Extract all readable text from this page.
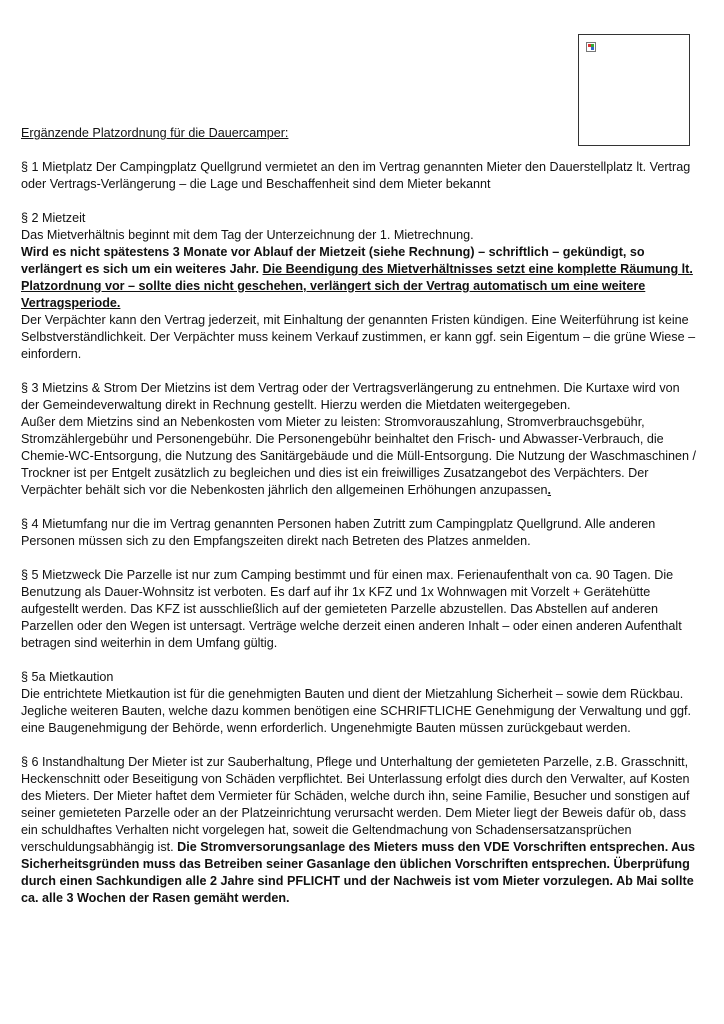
Ergänzende Platzordnung für die Dauercamper:

§ 1 Mietplatz Der Campingplatz Quellgrund vermietet an den im Vertrag genannten Mieter den Dauerstellplatz lt. Vertrag oder Vertrags-Verlängerung – die Lage und Beschaffenheit sind dem Mieter bekannt

§ 2 Mietzeit

Das Mietverhältnis beginnt mit dem Tag der Unterzeichnung der 1. Mietrechnung.

Wird es nicht spätestens 3 Monate vor Ablauf der Mietzeit (siehe Rechnung) – schriftlich – gekündigt, so verlängert es sich um ein weiteres Jahr. Die Beendigung des Mietverhältnisses setzt eine komplette Räumung lt. Platzordnung vor – sollte dies nicht geschehen, verlängert sich der Vertrag automatisch um eine weitere Vertragsperiode.

Der Verpächter kann den Vertrag jederzeit, mit Einhaltung der genannten Fristen kündigen. Eine Weiterführung ist keine Selbstverständlichkeit. Der Verpächter muss keinem Verkauf zustimmen, er kann ggf. sein Eigentum – die grüne Wiese – einfordern.

§ 3 Mietzins & Strom Der Mietzins ist dem Vertrag oder der Vertragsverlängerung zu entnehmen. Die Kurtaxe wird von der Gemeindeverwaltung direkt in Rechnung gestellt. Hierzu werden die Mietdaten weitergegeben.

Außer dem Mietzins sind an Nebenkosten vom Mieter zu leisten: Stromvorauszahlung, Stromverbrauchsgebühr, Stromzählergebühr und Personengebühr. Die Personengebühr beinhaltet den Frisch- und Abwasser-Verbrauch, die Chemie-WC-Entsorgung, die Nutzung des Sanitärgebäude und die Müll-Entsorgung. Die Nutzung der Waschmaschinen / Trockner ist per Entgelt zusätzlich zu begleichen und dies ist ein freiwilliges Zusatzangebot des Verpächters. Der Verpächter behält sich vor die Nebenkosten jährlich den allgemeinen Erhöhungen anzupassen.

§ 4 Mietumfang nur die im Vertrag genannten Personen haben Zutritt zum Campingplatz Quellgrund. Alle anderen Personen müssen sich zu den Empfangszeiten direkt nach Betreten des Platzes anmelden.

§ 5 Mietzweck Die Parzelle ist nur zum Camping bestimmt und für einen max. Ferienaufenthalt von ca. 90 Tagen. Die Benutzung als Dauer-Wohnsitz ist verboten. Es darf auf ihr 1x KFZ und 1x Wohnwagen mit Vorzelt + Gerätehütte aufgestellt werden. Das KFZ ist ausschließlich auf der gemieteten Parzelle abzustellen. Das Abstellen auf anderen Parzellen oder den Wegen ist untersagt. Verträge welche derzeit einen anderen Inhalt – oder einen anderen Aufenthalt betragen sind weiterhin in dem Umfang gültig.

§ 5a Mietkaution

Die entrichtete Mietkaution ist für die genehmigten Bauten und dient der Mietzahlung Sicherheit – sowie dem Rückbau. Jegliche weiteren Bauten, welche dazu kommen benötigen eine SCHRIFTLICHE Genehmigung der Verwaltung und ggf. eine Baugenehmigung der Behörde, wenn erforderlich. Ungenehmigte Bauten müssen zurückgebaut werden.

§ 6 Instandhaltung Der Mieter ist zur Sauberhaltung, Pflege und Unterhaltung der gemieteten Parzelle, z.B. Grasschnitt, Heckenschnitt oder Beseitigung von Schäden verpflichtet. Bei Unterlassung erfolgt dies durch den Verwalter, auf Kosten des Mieters. Der Mieter haftet dem Vermieter für Schäden, welche durch ihn, seine Familie, Besucher und sonstigen auf seiner gemieteten Parzelle oder an der Platzeinrichtung verursacht werden. Dem Mieter liegt der Beweis dafür ob, dass ein schuldhaftes Verhalten nicht vorgelegen hat, soweit die Geltendmachung von Schadensersatzansprüchen verschuldungsabhängig ist. Die Stromversorungsanlage des Mieters muss den VDE Vorschriften entsprechen. Aus Sicherheitsgründen muss das Betreiben seiner Gasanlage den üblichen Vorschriften entsprechen. Überprüfung durch einen Sachkundigen alle 2 Jahre sind PFLICHT und der Nachweis ist vom Mieter vorzulegen. Ab Mai sollte ca. alle 3 Wochen der Rasen gemäht werden.
